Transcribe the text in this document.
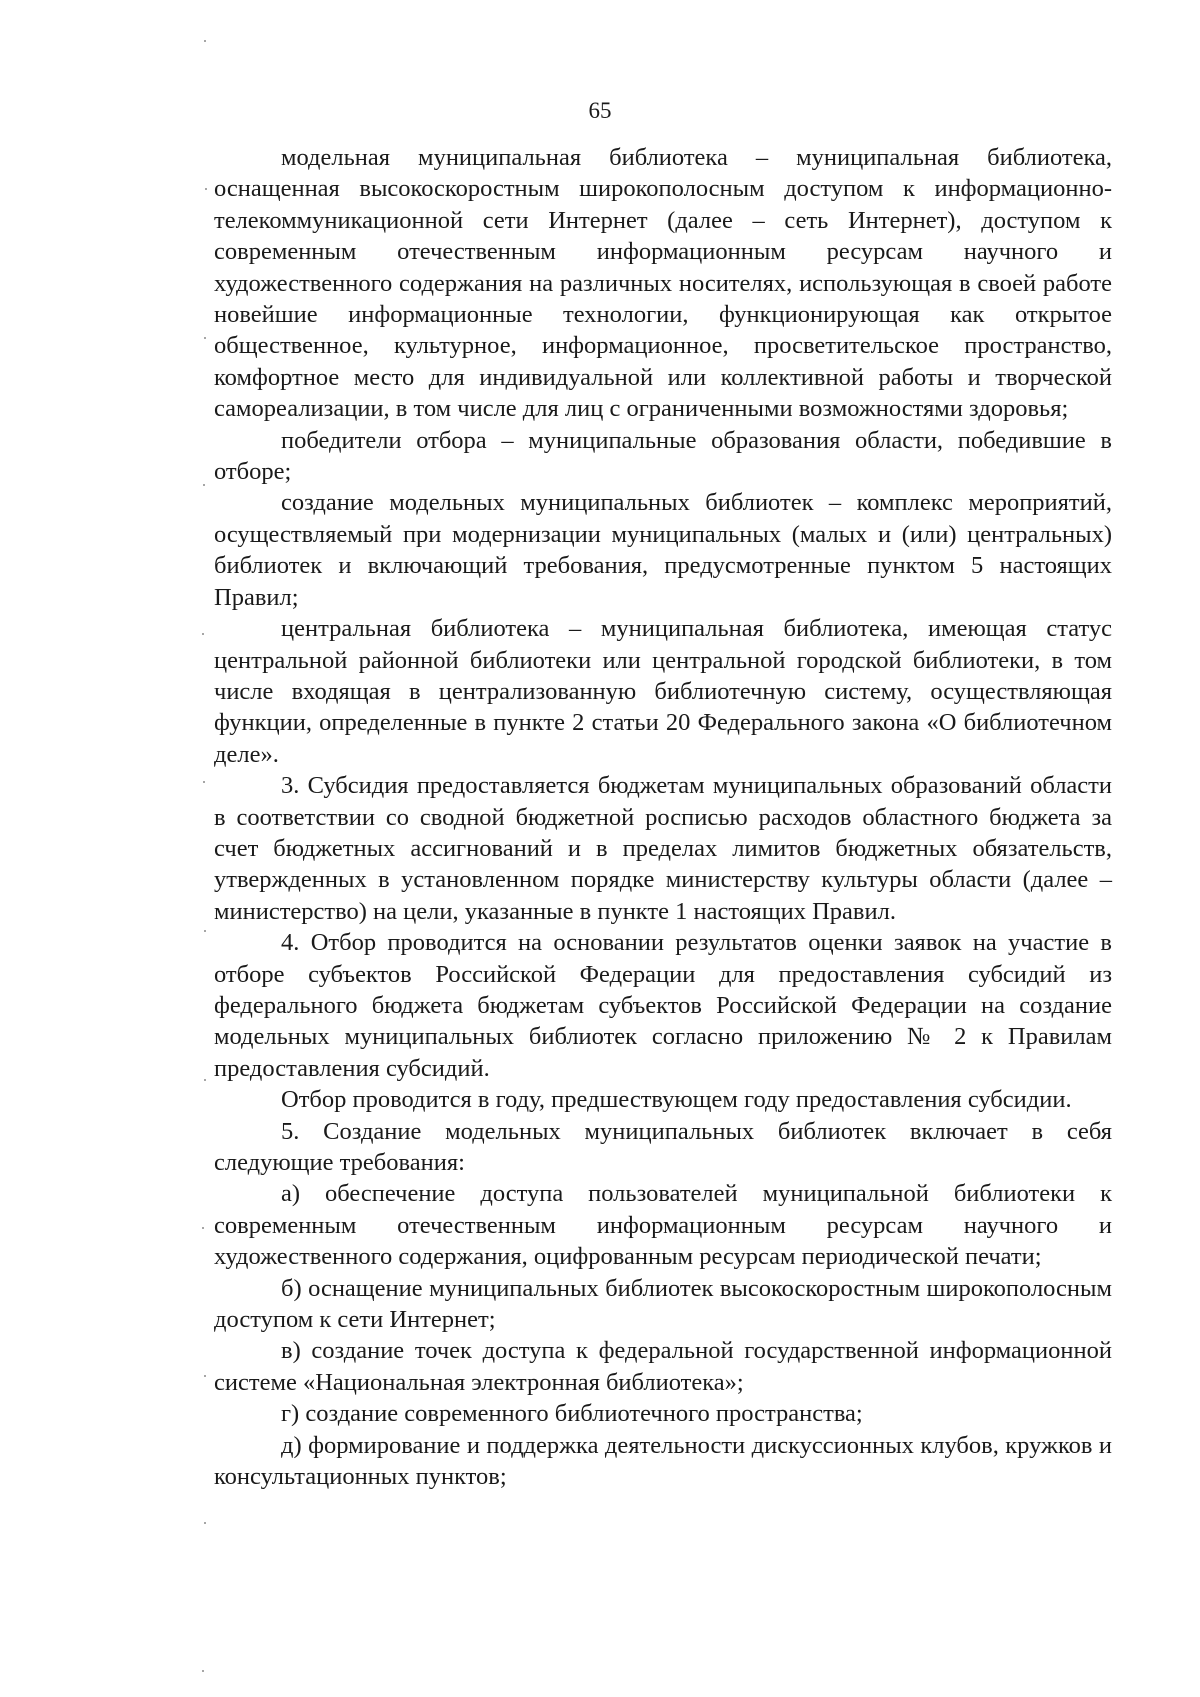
65

модельная муниципальная библиотека – муниципальная библиотека, оснащенная высокоскоростным широкополосным доступом к информационно-телекоммуникационной сети Интернет (далее – сеть Интернет), доступом к современным отечественным информационным ресурсам научного и художественного содержания на различных носителях, использующая в своей работе новейшие информационные технологии, функционирующая как открытое общественное, культурное, информационное, просветительское пространство, комфортное место для индивидуальной или коллективной работы и творческой самореализации, в том числе для лиц с ограниченными возможностями здоровья;

победители отбора – муниципальные образования области, победившие в отборе;

создание модельных муниципальных библиотек – комплекс мероприятий, осуществляемый при модернизации муниципальных (малых и (или) центральных) библиотек и включающий требования, предусмотренные пунктом 5 настоящих Правил;

центральная библиотека – муниципальная библиотека, имеющая статус центральной районной библиотеки или центральной городской библиотеки, в том числе входящая в централизованную библиотечную систему, осуществляющая функции, определенные в пункте 2 статьи 20 Федерального закона «О библиотечном деле».

3. Субсидия предоставляется бюджетам муниципальных образований области в соответствии со сводной бюджетной росписью расходов областного бюджета за счет бюджетных ассигнований и в пределах лимитов бюджетных обязательств, утвержденных в установленном порядке министерству культуры области (далее – министерство) на цели, указанные в пункте 1 настоящих Правил.

4. Отбор проводится на основании результатов оценки заявок на участие в отборе субъектов Российской Федерации для предоставления субсидий из федерального бюджета бюджетам субъектов Российской Федерации на создание модельных муниципальных библиотек согласно приложению № 2 к Правилам предоставления субсидий.

Отбор проводится в году, предшествующем году предоставления субсидии.

5. Создание модельных муниципальных библиотек включает в себя следующие требования:

а) обеспечение доступа пользователей муниципальной библиотеки к современным отечественным информационным ресурсам научного и художественного содержания, оцифрованным ресурсам периодической печати;

б) оснащение муниципальных библиотек высокоскоростным широкополосным доступом к сети Интернет;

в) создание точек доступа к федеральной государственной информационной системе «Национальная электронная библиотека»;

г) создание современного библиотечного пространства;

д) формирование и поддержка деятельности дискуссионных клубов, кружков и консультационных пунктов;
